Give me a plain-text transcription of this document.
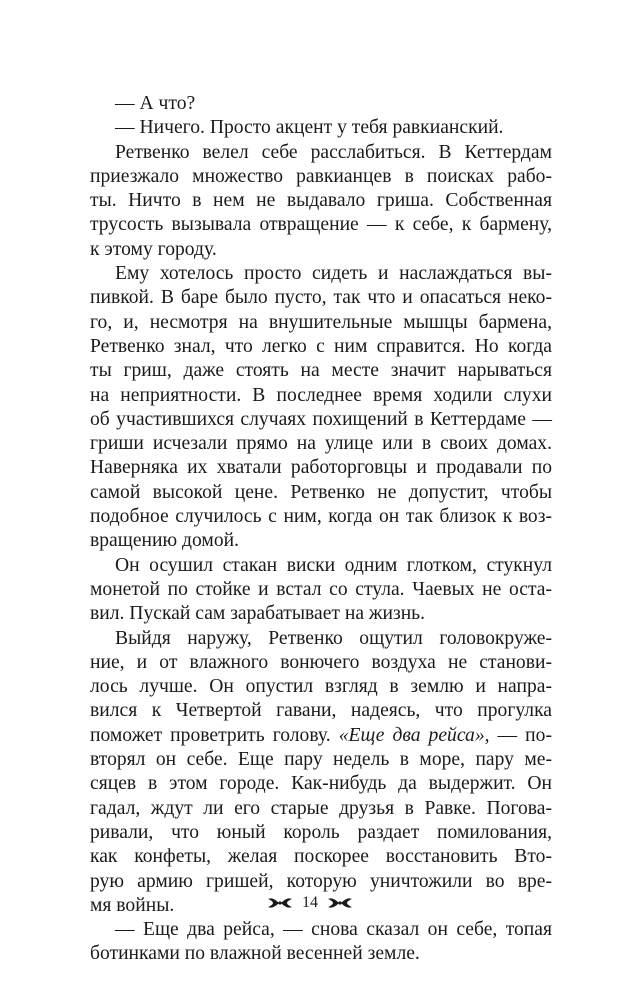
— А что?
— Ничего. Просто акцент у тебя равкианский.
Ретвенко велел себе расслабиться. В Кеттердам
приезжало множество равкианцев в поисках рабо-
ты. Ничто в нем не выдавало гриша. Собственная
трусость вызывала отвращение — к себе, к бармену,
к этому городу.
Ему хотелось просто сидеть и наслаждаться вы-
пивкой. В баре было пусто, так что и опасаться неко-
го, и, несмотря на внушительные мышцы бармена,
Ретвенко знал, что легко с ним справится. Но когда
ты гриш, даже стоять на месте значит нарываться
на неприятности. В последнее время ходили слухи
об участившихся случаях похищений в Кеттердаме —
гриши исчезали прямо на улице или в своих домах.
Наверняка их хватали работорговцы и продавали по
самой высокой цене. Ретвенко не допустит, чтобы
подобное случилось с ним, когда он так близок к воз-
вращению домой.
Он осушил стакан виски одним глотком, стукнул
монетой по стойке и встал со стула. Чаевых не оста-
вил. Пускай сам зарабатывает на жизнь.
Выйдя наружу, Ретвенко ощутил головокруже-
ние, и от влажного вонючего воздуха не станови-
лось лучше. Он опустил взгляд в землю и напра-
вился к Четвертой гавани, надеясь, что прогулка
поможет проветрить голову. «Еще два рейса», — по-
вторял он себе. Еще пару недель в море, пару ме-
сяцев в этом городе. Как-нибудь да выдержит. Он
гадал, ждут ли его старые друзья в Равке. Погова-
ривали, что юный король раздает помилования,
как конфеты, желая поскорее восстановить Вто-
рую армию гришей, которую уничтожили во вре-
мя войны.
— Еще два рейса, — снова сказал он себе, топая
ботинками по влажной весенней земле.
14
